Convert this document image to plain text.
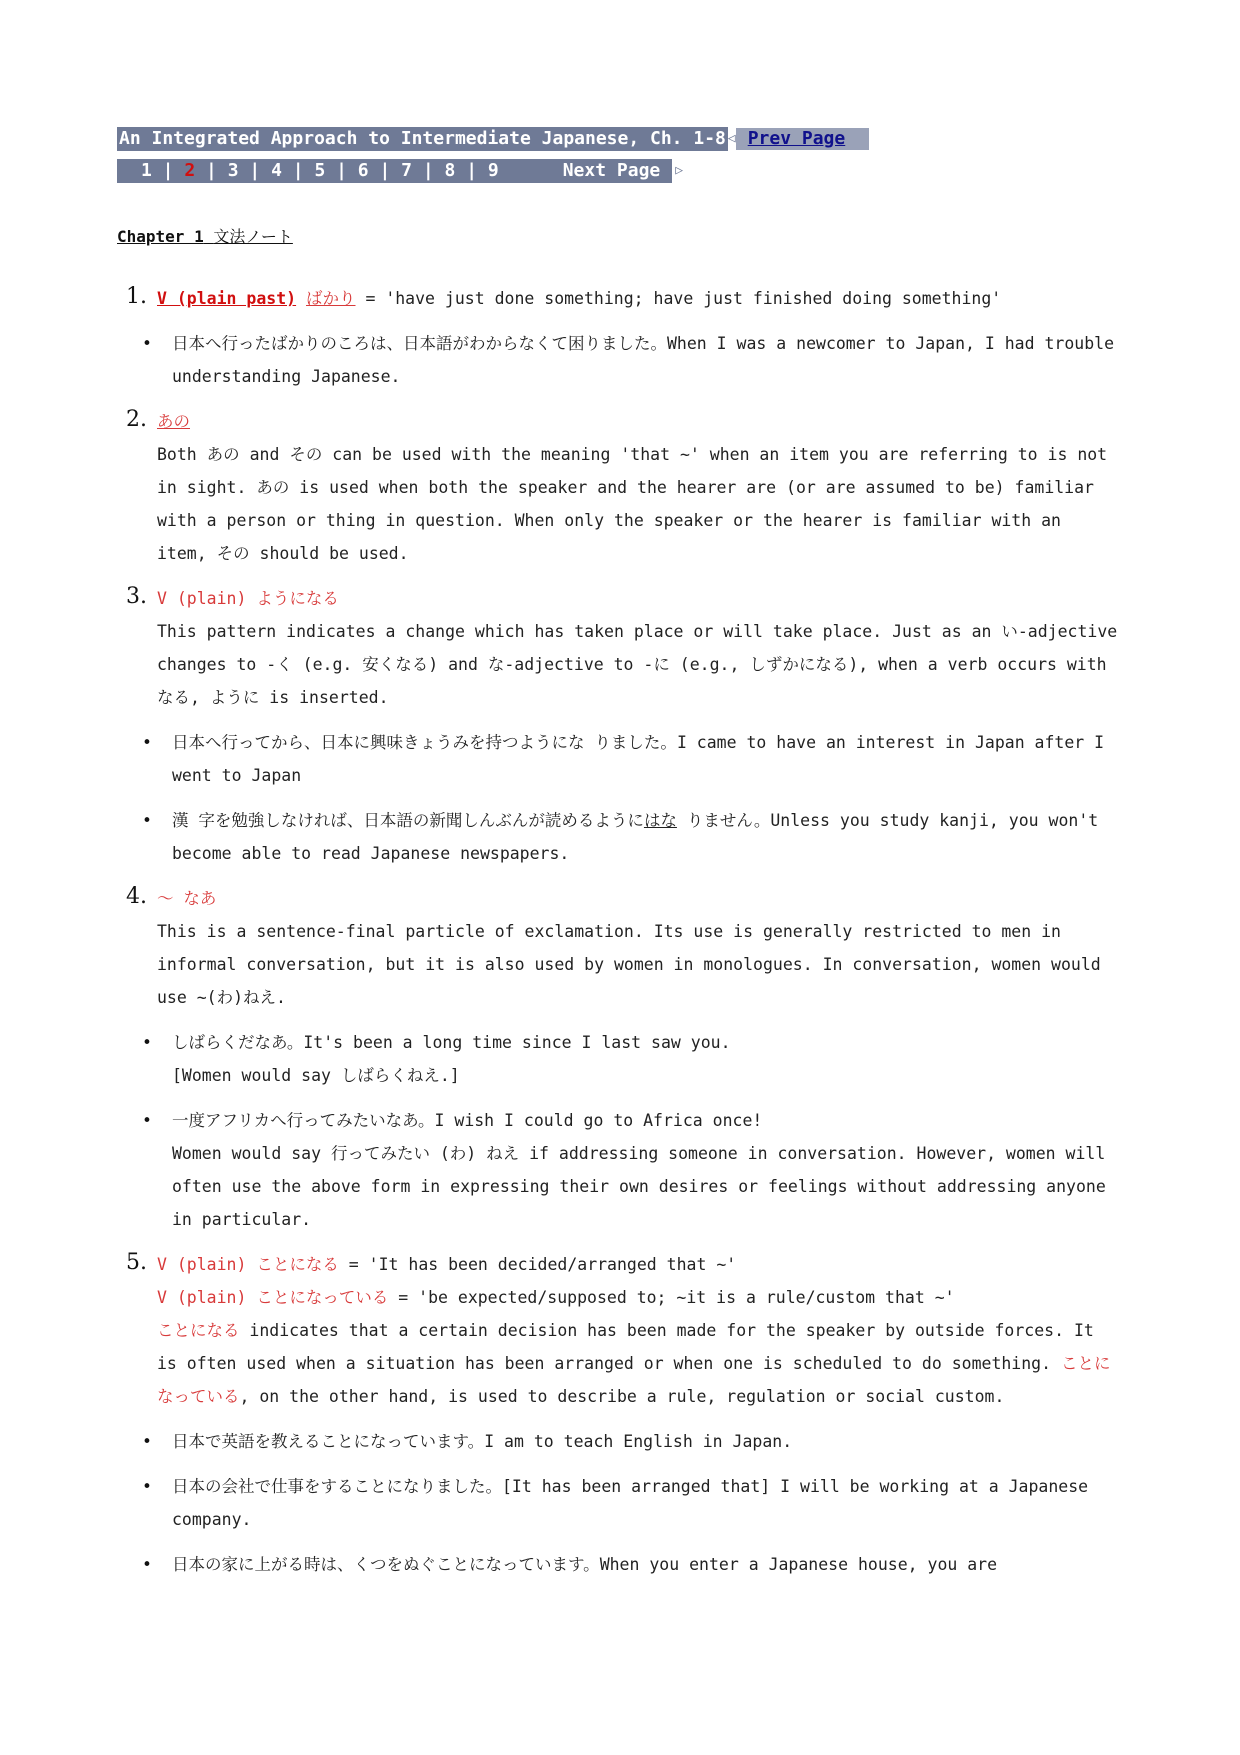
An Integrated Approach to Intermediate Japanese, Ch. 1-8 ◁ Prev Page
1 | 2 | 3 | 4 | 5 | 6 | 7 | 8 | 9	Next Page ▷
Chapter 1 文法ノート
1. V (plain past) ばかり = 'have just done something; have just finished doing something'
• 日本へ行ったばかりのころは、日本語がわからなくて困りました。When I was a newcomer to Japan, I had trouble understanding Japanese.
2. あの
Both あの and その can be used with the meaning 'that ~' when an item you are referring to is not in sight. あの is used when both the speaker and the hearer are (or are assumed to be) familiar with a person or thing in question. When only the speaker or the hearer is familiar with an item, その should be used.
3. V (plain) ようになる
This pattern indicates a change which has taken place or will take place. Just as an い-adjective changes to -く (e.g. 安くなる) and な-adjective to -に (e.g., しずかになる), when a verb occurs with なる, ように is inserted.
• 日本へ行ってから、日本に興味きょうみを持つようにな りました。I came to have an interest in Japan after I went to Japan
• 漢 字を勉強しなければ、日本語の新聞しんぶんが読めるようにはな りません。Unless you study kanji, you won't become able to read Japanese newspapers.
4. ～ なあ
This is a sentence-final particle of exclamation. Its use is generally restricted to men in informal conversation, but it is also used by women in monologues. In conversation, women would use ~(わ)ねえ.
• しばらくだなあ。It's been a long time since I last saw you.
[Women would say しばらくねえ.]
• 一度アフリカへ行ってみたいなあ。I wish I could go to Africa once!
Women would say 行ってみたい (わ) ねえ if addressing someone in conversation. However, women will often use the above form in expressing their own desires or feelings without addressing anyone in particular.
5. V (plain) ことになる = 'It has been decided/arranged that ~'
V (plain) ことになっている = 'be expected/supposed to; ~it is a rule/custom that ~'
ことになる indicates that a certain decision has been made for the speaker by outside forces. It is often used when a situation has been arranged or when one is scheduled to do something. ことになっている, on the other hand, is used to describe a rule, regulation or social custom.
• 日本で英語を教えることになっています。I am to teach English in Japan.
• 日本の会社で仕事をすることになりました。[It has been arranged that] I will be working at a Japanese company.
• 日本の家に上がる時は、くつをぬぐことになっています。When you enter a Japanese house, you are
